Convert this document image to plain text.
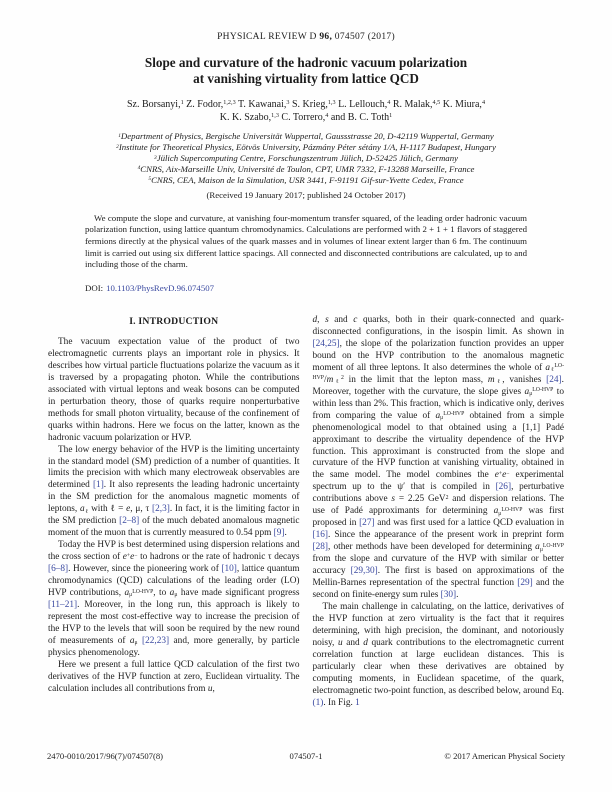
PHYSICAL REVIEW D 96, 074507 (2017)
Slope and curvature of the hadronic vacuum polarization
at vanishing virtuality from lattice QCD
Sz. Borsanyi,$^1$ Z. Fodor,$^{1,2,3}$ T. Kawanai,$^3$ S. Krieg,$^{1,3}$ L. Lellouch,$^4$ R. Malak,$^{4,5}$ K. Miura,$^4$
K. K. Szabo,$^{1,3}$ C. Torrero,$^4$ and B. C. Toth$^1$
$^1$Department of Physics, Bergische Universität Wuppertal, Gaussstrasse 20, D-42119 Wuppertal, Germany
$^2$Institute for Theoretical Physics, Eötvös University, Pázmány Péter sétány 1/A, H-1117 Budapest, Hungary
$^3$Jülich Supercomputing Centre, Forschungszentrum Jülich, D-52425 Jülich, Germany
$^4$CNRS, Aix-Marseille Univ, Université de Toulon, CPT, UMR 7332, F-13288 Marseille, France
$^5$CNRS, CEA, Maison de la Simulation, USR 3441, F-91191 Gif-sur-Yvette Cedex, France
(Received 19 January 2017; published 24 October 2017)
We compute the slope and curvature, at vanishing four-momentum transfer squared, of the leading order hadronic vacuum polarization function, using lattice quantum chromodynamics. Calculations are performed with 2 + 1 + 1 flavors of staggered fermions directly at the physical values of the quark masses and in volumes of linear extent larger than 6 fm. The continuum limit is carried out using six different lattice spacings. All connected and disconnected contributions are calculated, up to and including those of the charm.
DOI: 10.1103/PhysRevD.96.074507
I. INTRODUCTION

The vacuum expectation value of the product of two electromagnetic currents plays an important role in physics. It describes how virtual particle fluctuations polarize the vacuum as it is traversed by a propagating photon. While the contributions associated with virtual leptons and weak bosons can be computed in perturbation theory, those of quarks require nonperturbative methods for small photon virtuality, because of the confinement of quarks within hadrons. Here we focus on the latter, known as the hadronic vacuum polarization or HVP.

The low energy behavior of the HVP is the limiting uncertainty in the standard model (SM) prediction of a number of quantities. It limits the precision with which many electroweak observables are determined [1]. It also represents the leading hadronic uncertainty in the SM prediction for the anomalous magnetic moments of leptons, $a_\ell$ with ℓ = e, μ, τ [2,3]. In fact, it is the limiting factor in the SM prediction [2–8] of the much debated anomalous magnetic moment of the muon that is currently measured to 0.54 ppm [9].

Today the HVP is best determined using dispersion relations and the cross section of e+e− to hadrons or the rate of hadronic τ decays [6–8]. However, since the pioneering work of [10], lattice quantum chromodynamics (QCD) calculations of the leading order (LO) HVP contributions, $a_\mu^{LO-HVP}$, to $a_\mu$ have made significant progress [11–21]. Moreover, in the long run, this approach is likely to represent the most cost-effective way to increase the precision of the HVP to the levels that will soon be required by the new round of measurements of $a_\mu$ [22,23] and, more generally, by particle physics phenomenology.

Here we present a full lattice QCD calculation of the first two derivatives of the HVP function at zero, Euclidean virtuality. The calculation includes all contributions from u,

d, s and c quarks, both in their quark-connected and quark-disconnected configurations, in the isospin limit. As shown in [24,25], the slope of the polarization function provides an upper bound on the HVP contribution to the anomalous magnetic moment of all three leptons. It also determines the whole of $a_\ell^{LO-HVP}/m_\ell^2$ in the limit that the lepton mass, $m_\ell$, vanishes [24]. Moreover, together with the curvature, the slope gives $a_\mu^{LO-HVP}$ to within less than 2%. This fraction, which is indicative only, derives from comparing the value of $a_\mu^{LO-HVP}$ obtained from a simple phenomenological model to that obtained using a [1,1] Padé approximant to describe the virtuality dependence of the HVP function. This approximant is constructed from the slope and curvature of the HVP function at vanishing virtuality, obtained in the same model. The model combines the e+e− experimental spectrum up to the ψ′ that is compiled in [26], perturbative contributions above s = 2.25 GeV$^2$ and dispersion relations. The use of Padé approximants for determining $a_\mu^{LO-HVP}$ was first proposed in [27] and was first used for a lattice QCD evaluation in [16]. Since the appearance of the present work in preprint form [28], other methods have been developed for determining $a_\mu^{LO-HVP}$ from the slope and curvature of the HVP with similar or better accuracy [29,30]. The first is based on approximations of the Mellin-Barnes representation of the spectral function [29] and the second on finite-energy sum rules [30].

The main challenge in calculating, on the lattice, derivatives of the HVP function at zero virtuality is the fact that it requires determining, with high precision, the dominant, and notoriously noisy, u and d quark contributions to the electromagnetic current correlation function at large euclidean distances. This is particularly clear when these derivatives are obtained by computing moments, in Euclidean spacetime, of the quark, electromagnetic two-point function, as described below, around Eq. (1). In Fig. 1

2470-0010/2017/96(7)/074507(8)	074507-1	© 2017 American Physical Society
